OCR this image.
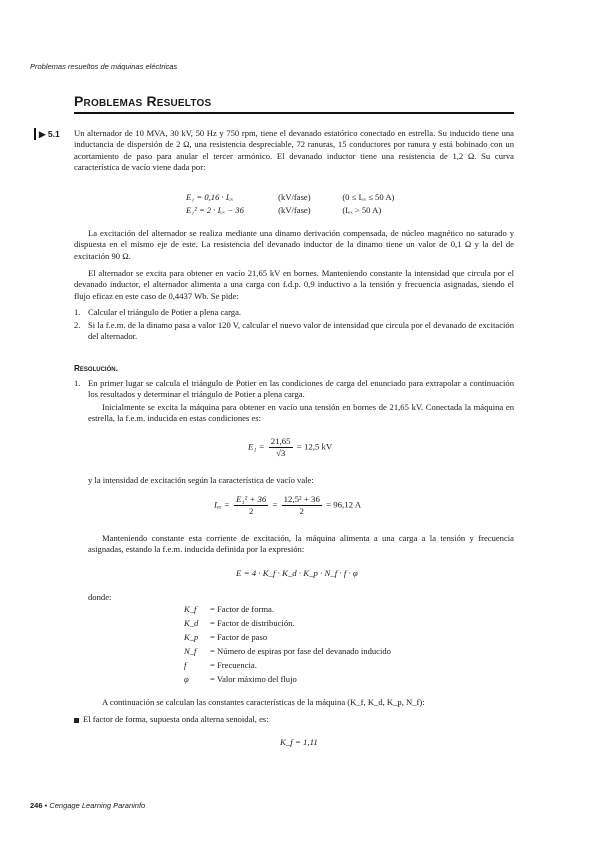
Problemas resueltos de máquinas eléctricas
Problemas Resueltos
▶ 5.1 Un alternador de 10 MVA, 30 kV, 50 Hz y 750 rpm, tiene el devanado estatórico conectado en estrella. Su inducido tiene una inductancia de dispersión de 2 Ω, una resistencia despreciable, 72 ranuras, 15 conductores por ranura y está bobinado con un acortamiento de paso para anular el tercer armónico. El devanado inductor tiene una resistencia de 1,2 Ω. Su curva característica de vacío viene dada por:
E₁ = 0,16 · Iₑₓ	(kV/fase)	(0 ≤ Iₑₓ ≤ 50 A)
E₁² = 2 · Iₑₓ − 36	(kV/fase)	(Iₑₓ > 50 A)
La excitación del alternador se realiza mediante una dinamo derivación compensada, de núcleo magnético no saturado y dispuesta en el mismo eje de este. La resistencia del devanado inductor de la dinamo tiene un valor de 0,1 Ω y la del de excitación 90 Ω.
El alternador se excita para obtener en vacío 21,65 kV en bornes. Manteniendo constante la intensidad que circula por el devanado inductor, el alternador alimenta a una carga con f.d.p. 0,9 inductivo a la tensión y frecuencia asignadas, siendo el flujo eficaz en este caso de 0,4437 Wb. Se pide:
1. Calcular el triángulo de Potier a plena carga.
2. Si la f.e.m. de la dinamo pasa a valor 120 V, calcular el nuevo valor de intensidad que circula por el devanado de excitación del alternador.
Resolución.
1. En primer lugar se calcula el triángulo de Potier en las condiciones de carga del enunciado para extrapolar a continuación los resultados y determinar el triángulo de Potier a plena carga.
Inicialmente se excita la máquina para obtener en vacío una tensión en bornes de 21,65 kV. Conectada la máquina en estrella, la f.e.m. inducida en estas condiciones es:
$E_1 = \frac{21,65}{√3} = 12,5$ kV
y la intensidad de excitación según la característica de vacío vale:
$I_{ex} = \frac{\text{E₁² + 36}}{2} = \frac{\text{12,5² + 36}}{2} = 96,12$ A
Manteniendo constante esta corriente de excitación, la máquina alimenta a una carga a la tensión y frecuencia asignadas, estando la f.e.m. inducida definida por la expresión:
E = 4 · K_f · K_d · K_p · N_f · f · φ
donde:
K_f = Factor de forma.
K_d = Factor de distribución.
K_p = Factor de paso
N_f = Número de espiras por fase del devanado inducido
f	= Frecuencia.
φ = Valor máximo del flujo
A continuación se calculan las constantes características de la máquina (K_f, K_d, K_p, N_f):
El factor de forma, supuesta onda alterna senoidal, es:
K_f = 1,11
246 • Cengage Learning Paraninfo
